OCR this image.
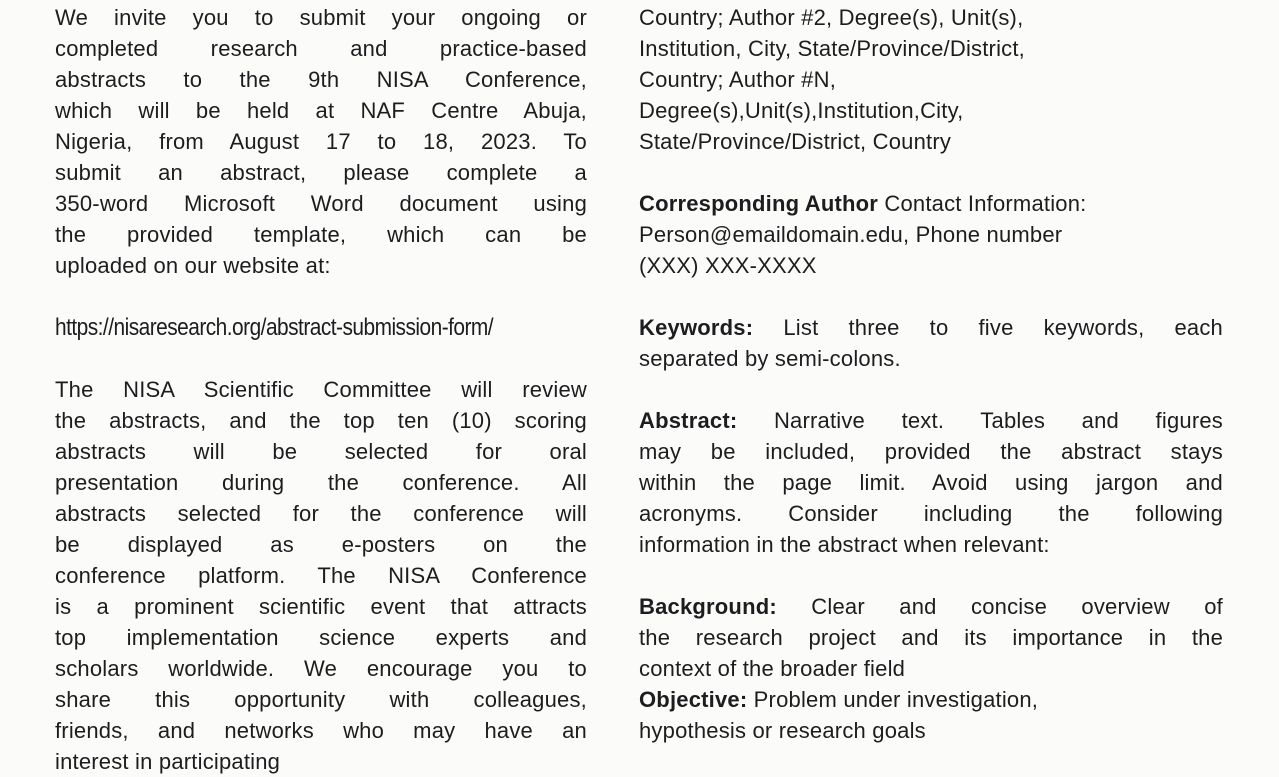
We invite you to submit your ongoing or
completed research and practice-based
abstracts to the 9th NISA Conference,
which will be held at NAF Centre Abuja,
Nigeria, from August 17 to 18, 2023. To
submit an abstract, please complete a
350-word Microsoft Word document using
the provided template, which can be
uploaded on our website at:
https://nisaresearch.org/abstract-submission-form/
The NISA Scientific Committee will review
the abstracts, and the top ten (10) scoring
abstracts will be selected for oral
presentation during the conference. All
abstracts selected for the conference will
be displayed as e-posters on the
conference platform. The NISA Conference
is a prominent scientific event that attracts
top implementation science experts and
scholars worldwide. We encourage you to
share this opportunity with colleagues,
friends, and networks who may have an
interest in participating
Country; Author #2, Degree(s), Unit(s),
Institution, City, State/Province/District,
Country; Author #N,
Degree(s),Unit(s),Institution,City,
State/Province/District, Country
Corresponding Author Contact Information:
Person@emaildomain.edu, Phone number
(XXX) XXX-XXXX
Keywords: List three to five keywords, each
separated by semi-colons.
Abstract: Narrative text. Tables and figures
may be included, provided the abstract stays
within the page limit. Avoid using jargon and
acronyms. Consider including the following
information in the abstract when relevant:
Background: Clear and concise overview of
the research project and its importance in the
context of the broader field
Objective: Problem under investigation,
hypothesis or research goals
